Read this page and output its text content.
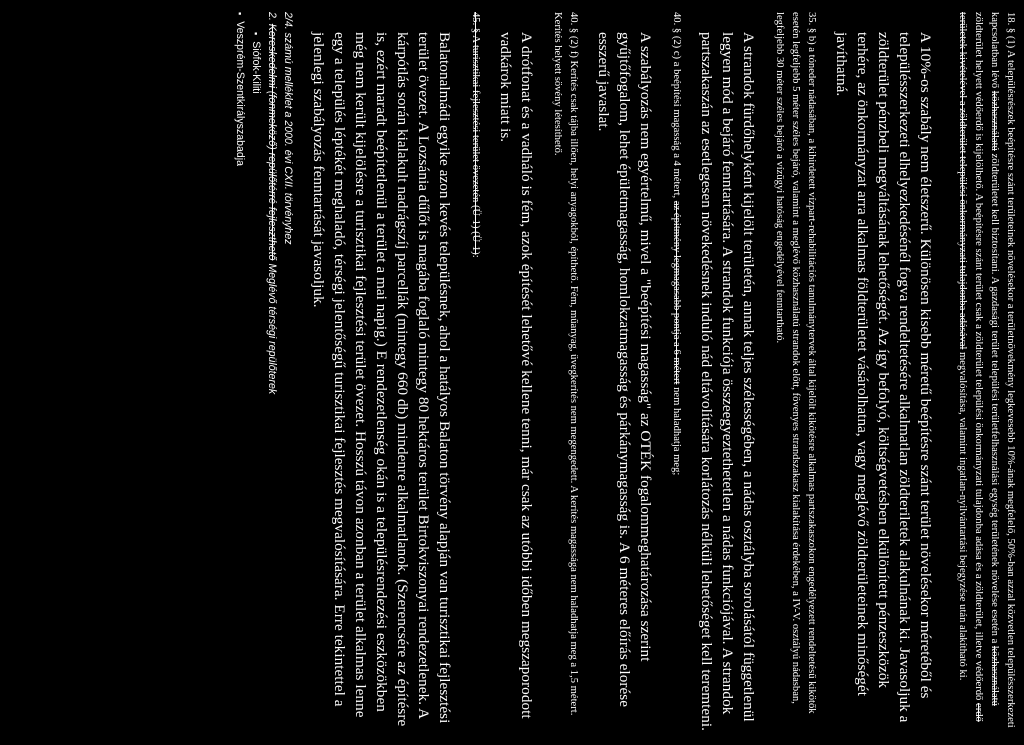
18. § (1) A településrészek beépítésre szánt területeinek növelésekor a területnövekmény legkevesebb 10%-ának megfelelő, 50%-ban azzal közvetlen településszerkezeti kapcsolatban lévő közhasználatú zöldterületet kell biztosítani. A gazdasági terület települési területfelhasználási egység területének növelése esetén a közhasználatú zöldterület helyett védőerdő is kijelölhető. A beépítésre szánt terület csak a zöldterület települési önkormányzati tulajdonba adása és a zöldterület, illetve védőerdő erdő területek kivételével a zöldterület települési önkormányzati tulajdonba adásával megvalósítása, valamint ingatlan-nyilvántartási bejegyzése után alakítható ki.

A 10%-os szabály nem életszerű. Különösen kisebb méretű beépítésre szánt terület növelésekor méretéből és településszerkezeti elhelyezkedésénél fogva rendeltetésére alkalmatlan zöldteriletek alakulnának ki. Javasoljuk a zöldterület pénzbeli megváltásának lehetőségét. Az így befolyó, költségvetésben elkülönített pénzeszközök terhére, az önkormányzat arra alkalmas földterületet vásárolhatna, vagy meglévő zöldterületeinek minőségét javíthatná.

35. § b) a tóneder nádasában, a kihirdetett vízpart-rehabilitációs tanulmánytervek által kijelölt kikötésre alkalmas partszakaszokon engedélyezett rendeltetésű kikötők esetén legfeljebb 5 méter széles bejáró, valamint a meglévő közhasználatú strandok előtt, fövenyes strandszakasz kialakítása érdekében, a IV-V. osztályú nádasban, legfeljebb 30 méter széles bejáró a vízügyi hatóság engedélyével fenntartható.

A strandok fürdőhelyként kijelölt területén, annak teljes szélességében, a nádas osztályba sorolásától függetlenül legyen mód a bejáró fenntartására. A strandok funkciója összeegyeztethetetlen a nádas funkciójával. A strandok partszakaszán az esetlegesen növekedésnek induló nád eltávolítására korlátozás nélküli lehetőséget kell teremteni.

40. § (2) c) a beépítési magasság a 4 métert, az épitmény legmagasabb pontja a 6 métert nem haladhatja meg;

A szabályozás nem egyértelmű, mivel a "beépítési magasság" az OTÉK fogalommeghatározása szerint gyűjtőfogalom, lehet épületmagasság, homlokzatmagasság és párkánymagasság is. A 6 méteres előírás elorése esszerű javaslat.

40. § (2) f) Kerítés csak tájba illően, helyi anyagokból, építhető. Fém, műanyag, üvegkerítés nem megengedett. A kerítés magassága nem haladhatja meg a 1,5 métert. Kerítés helyett sövény létesíthető.

A drótfonat és a vadháló is fém, azok építését lehetővé kellene tenni, már csak az utóbbi időben megszaporodott vadkárok miatt is.

45. § A turisztikai fejlesztési terület övezetén (Ü-1) (Ü-1):

Balatonalmádi egyike azon kevés településnek, ahol a hatályos Balaton törvény alapján van turisztikai fejlesztési terület övezet. A Lozsánia dűlőt is magába foglaló mintegy 80 hektáros terület Birtokviszonyai rendezetlenek. A kárpótlás során kialakult nadrágszíj parcellák (mintegy 660 db) mindenre alkalmatlanok. (Szerencsére az építésre is, ezért maradt beépítetlenül a terület a mai napig.) E rendezetlenség okán is a településrendezési eszközökben még nem került kijelölésre a turisztikai fejlesztési terület övezet. Hosszú távon azonban a terület alkalmas lenne egy a település léptékét meghaladó, térségi jelentőségű turisztikai fejlesztés megvalósítására. Erre tekintettel a jelenlegi szabályozás fenntartását javasoljuk.

2/4. számú melléklet a 2000. évi CXII. törvényhez

2. Kereskedelmi (fonmeköző) repülőtérré fejleszthető Meglévő térségi repülőterek

▪ Siófok-Kiliti

▪ Veszprém-Szentkirályszabadja
